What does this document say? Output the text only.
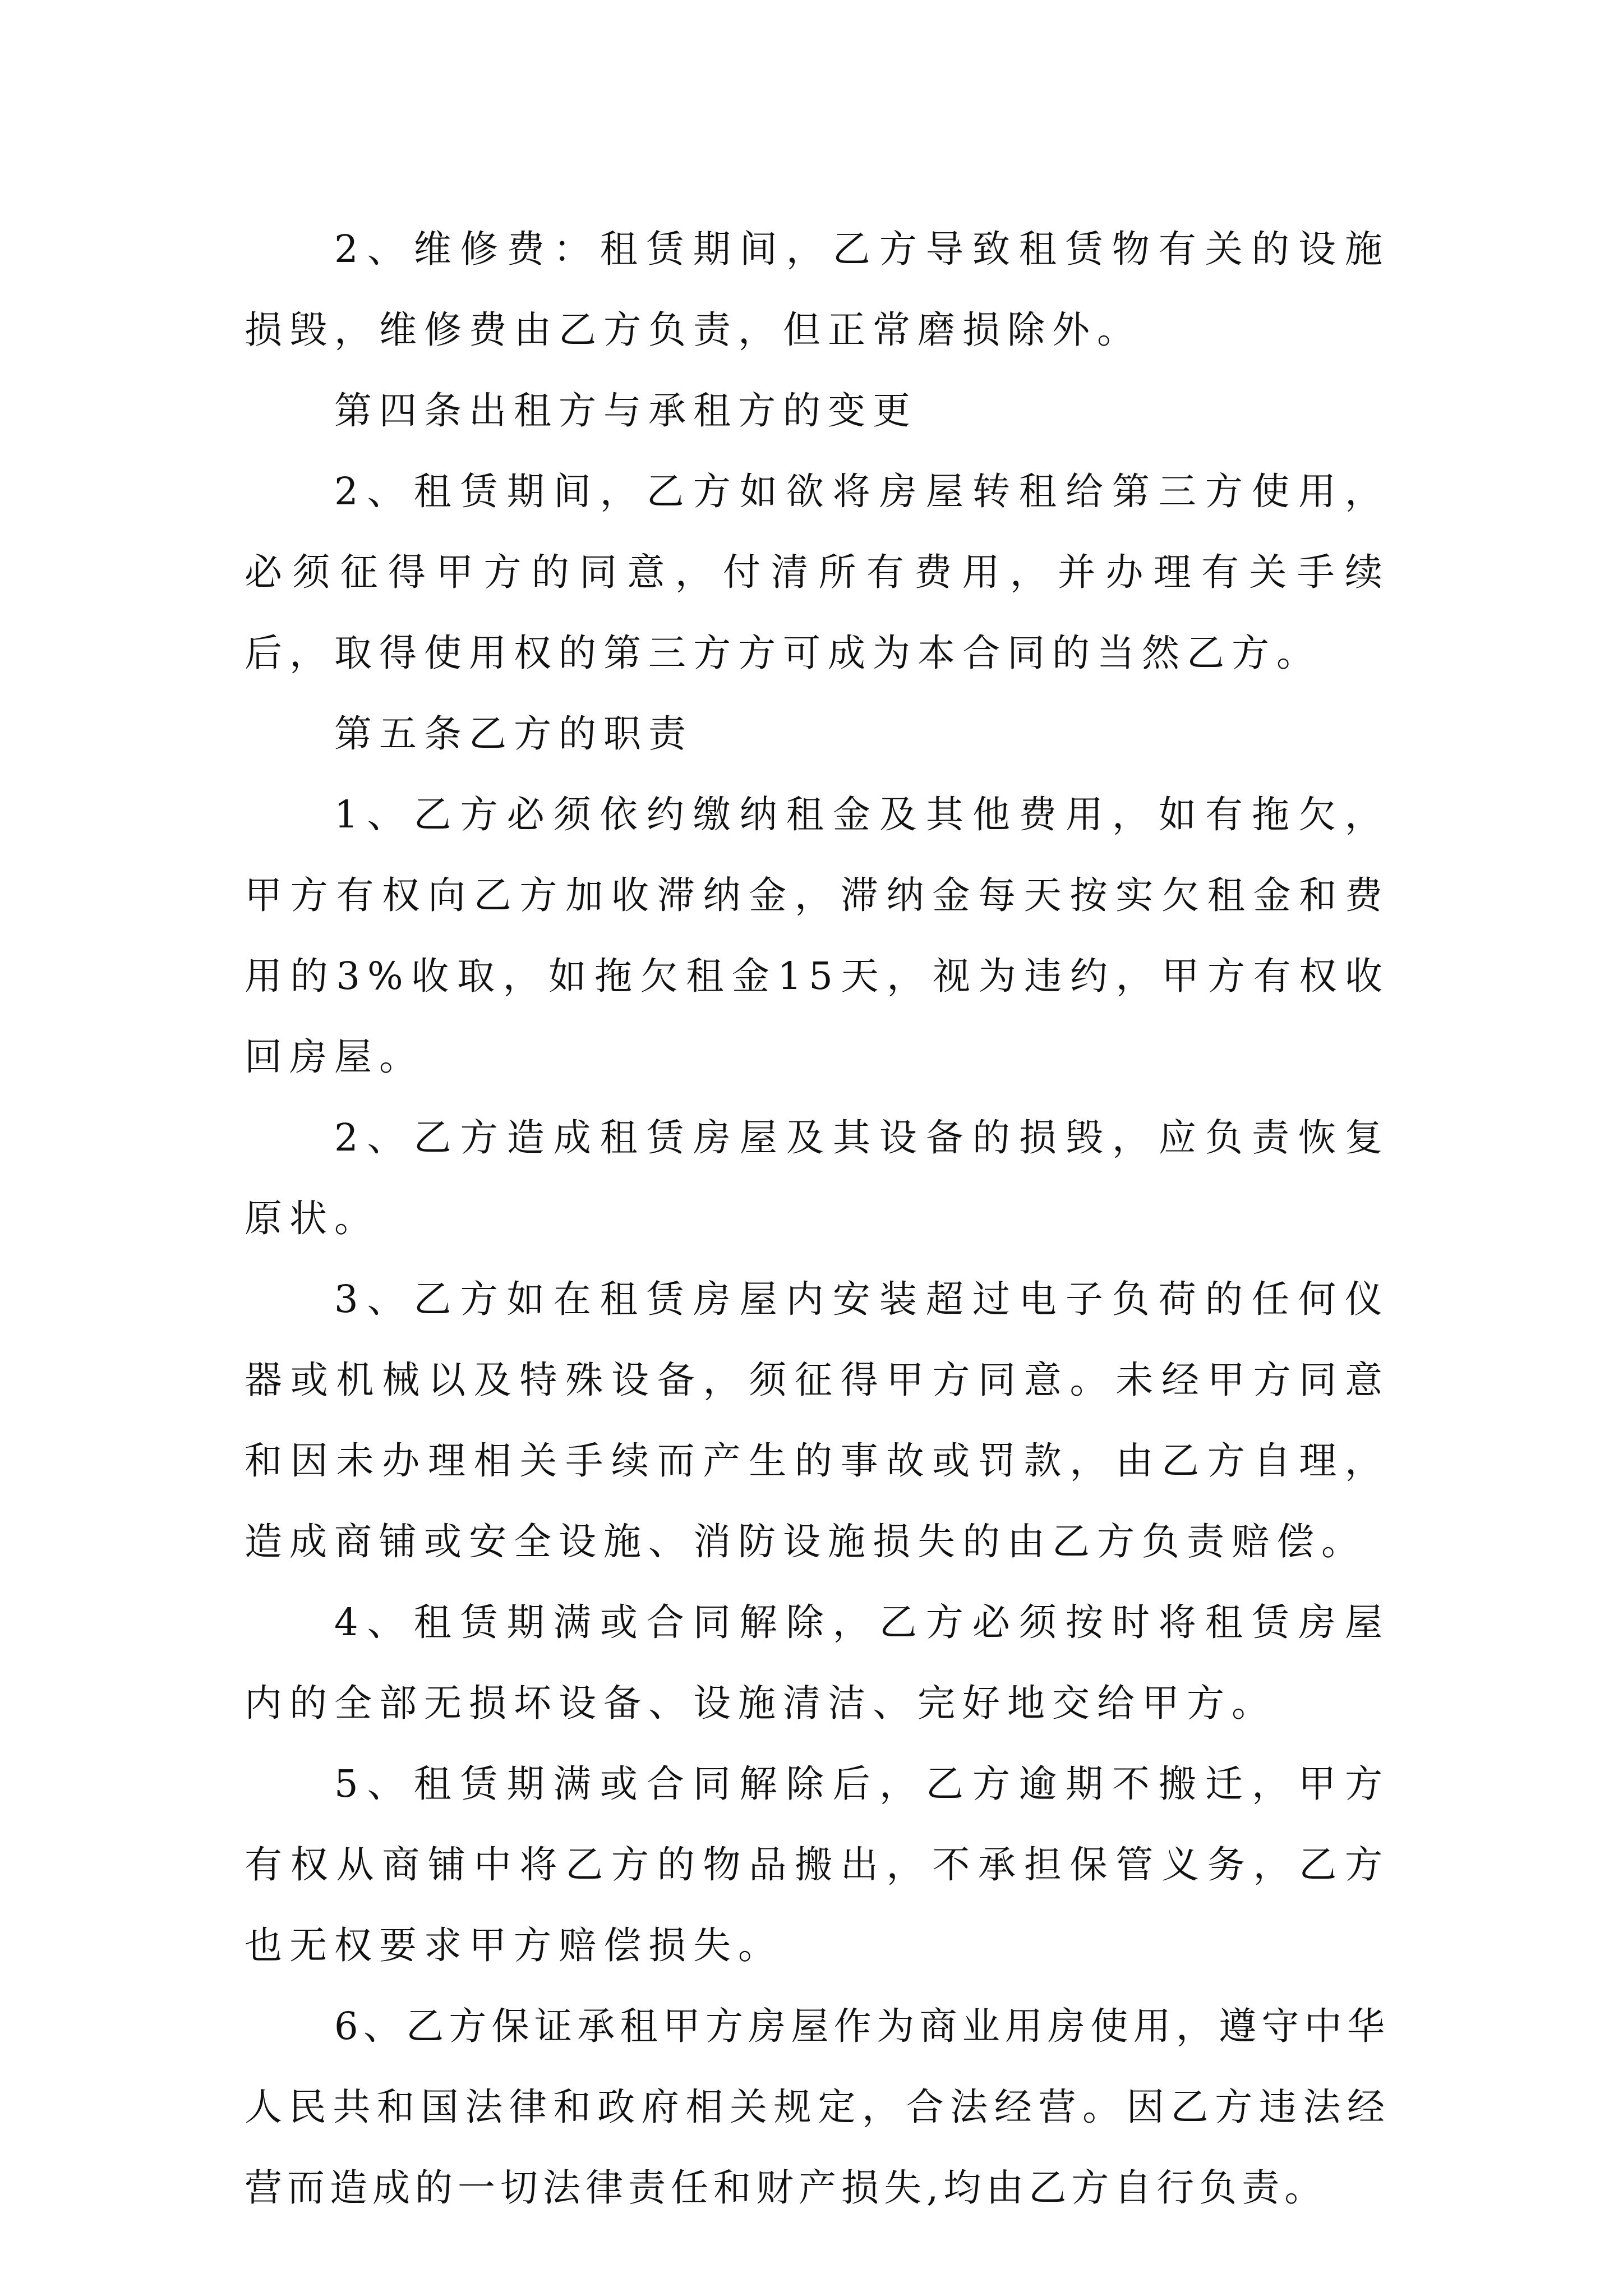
2、维修费：租赁期间，乙方导致租赁物有关的设施损毁，维修费由乙方负责，但正常磨损除外。

第四条出租方与承租方的变更

2、租赁期间，乙方如欲将房屋转租给第三方使用，必须征得甲方的同意，付清所有费用，并办理有关手续后，取得使用权的第三方方可成为本合同的当然乙方。

第五条乙方的职责

1、乙方必须依约缴纳租金及其他费用，如有拖欠，甲方有权向乙方加收滞纳金，滞纳金每天按实欠租金和费用的3%收取，如拖欠租金15天，视为违约，甲方有权收回房屋。

2、乙方造成租赁房屋及其设备的损毁，应负责恢复原状。

3、乙方如在租赁房屋内安装超过电子负荷的任何仪器或机械以及特殊设备，须征得甲方同意。未经甲方同意和因未办理相关手续而产生的事故或罚款，由乙方自理，造成商铺或安全设施、消防设施损失的由乙方负责赔偿。

4、租赁期满或合同解除，乙方必须按时将租赁房屋内的全部无损坏设备、设施清洁、完好地交给甲方。

5、租赁期满或合同解除后，乙方逾期不搬迁，甲方有权从商铺中将乙方的物品搬出，不承担保管义务，乙方也无权要求甲方赔偿损失。

6、乙方保证承租甲方房屋作为商业用房使用，遵守中华人民共和国法律和政府相关规定，合法经营。因乙方违法经营而造成的一切法律责任和财产损失,均由乙方自行负责。
